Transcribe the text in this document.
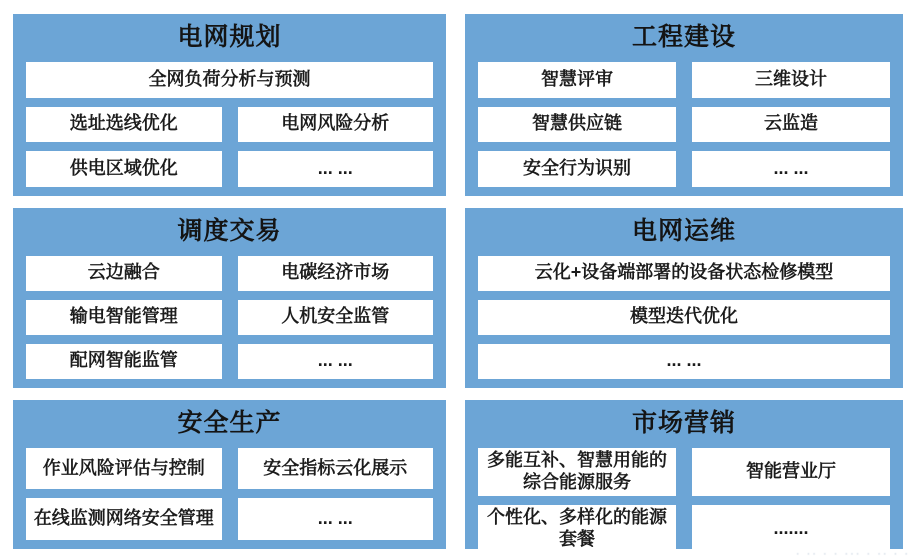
电网规划
全网负荷分析与预测
选址选线优化	电网风险分析
供电区域优化	... ...
工程建设
智慧评审	三维设计
智慧供应链	云监造
安全行为识别	... ...
调度交易
云边融合	电碳经济市场
输电智能管理	人机安全监管
配网智能监管	... ...
电网运维
云化+设备端部署的设备状态检修模型
模型迭代优化
... ...
安全生产
作业风险评估与控制	安全指标云化展示
在线监测网络安全管理	... ...
市场营销
多能互补、智慧用能的综合能源服务
智能营业厅
个性化、多样化的能源套餐
.......
· ·· · · ··· · ·· · ·
